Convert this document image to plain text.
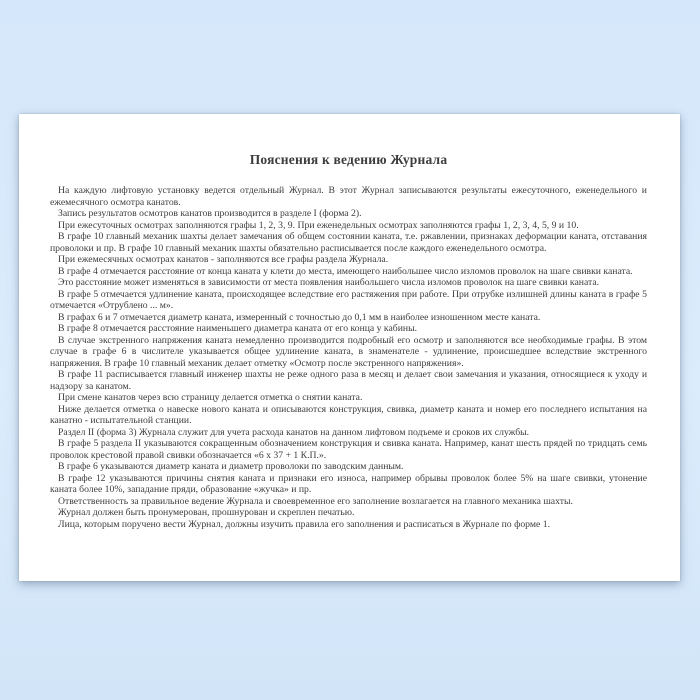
Пояснения к ведению Журнала

На каждую лифтовую установку ведется отдельный Журнал. В этот Журнал записываются результаты ежесуточного, еженедельного и ежемесячного осмотра канатов.

Запись результатов осмотров канатов производится в разделе I (форма 2).

При ежесуточных осмотрах заполняются графы 1, 2, 3, 9. При еженедельных осмотрах заполняются графы 1, 2, 3, 4, 5, 9 и 10.

В графе 10 главный механик шахты делает замечания об общем состоянии каната, т.е. ржавлении, признаках деформации каната, отставания проволоки и пр. В графе 10 главный механик шахты обязательно расписывается после каждого еженедельного осмотра.

При ежемесячных осмотрах канатов - заполняются все графы раздела Журнала.

В графе 4 отмечается расстояние от конца каната у клети до места, имеющего наибольшее число изломов проволок на шаге свивки каната.

Это расстояние может изменяться в зависимости от места появления наибольшего числа изломов проволок на шаге свивки каната.

В графе 5 отмечается удлинение каната, происходящее вследствие его растяжения при работе. При отрубке излишней длины каната в графе 5 отмечается «Отрублено ... м».

В графах 6 и 7 отмечается диаметр каната, измеренный с точностью до 0,1 мм в наиболее изношенном месте каната.

В графе 8 отмечается расстояние наименьшего диаметра каната от его конца у кабины.

В случае экстренного напряжения каната немедленно производится подробный его осмотр и заполняются все необходимые графы. В этом случае в графе 6 в числителе указывается общее удлинение каната, в знаменателе - удлинение, происшедшее вследствие экстренного напряжения. В графе 10 главный механик делает отметку «Осмотр после экстренного напряжения».

В графе 11 расписывается главный инженер шахты не реже одного раза в месяц и делает свои замечания и указания, относящиеся к уходу и надзору за канатом.

При смене канатов через всю страницу делается отметка о снятии каната.

Ниже делается отметка о навеске нового каната и описываются конструкция, свивка, диаметр каната и номер его последнего испытания на канатно - испытательной станции.

Раздел II (форма 3) Журнала служит для учета расхода канатов на данном лифтовом подъеме и сроков их службы.

В графе 5 раздела II указываются сокращенным обозначением конструкция и свивка каната. Например, канат шесть прядей по тридцать семь проволок крестовой правой свивки обозначается «6 х 37 + 1 К.П.».

В графе 6 указываются диаметр каната и диаметр проволоки по заводским данным.

В графе 12 указываются причины снятия каната и признаки его износа, например обрывы проволок более 5% на шаге свивки, утонение каната более 10%, западание пряди, образование «жучка» и пр.

Ответственность за правильное ведение Журнала и своевременное его заполнение возлагается на главного механика шахты.

Журнал должен быть пронумерован, прошнурован и скреплен печатью.

Лица, которым поручено вести Журнал, должны изучить правила его заполнения и расписаться в Журнале по форме 1.
